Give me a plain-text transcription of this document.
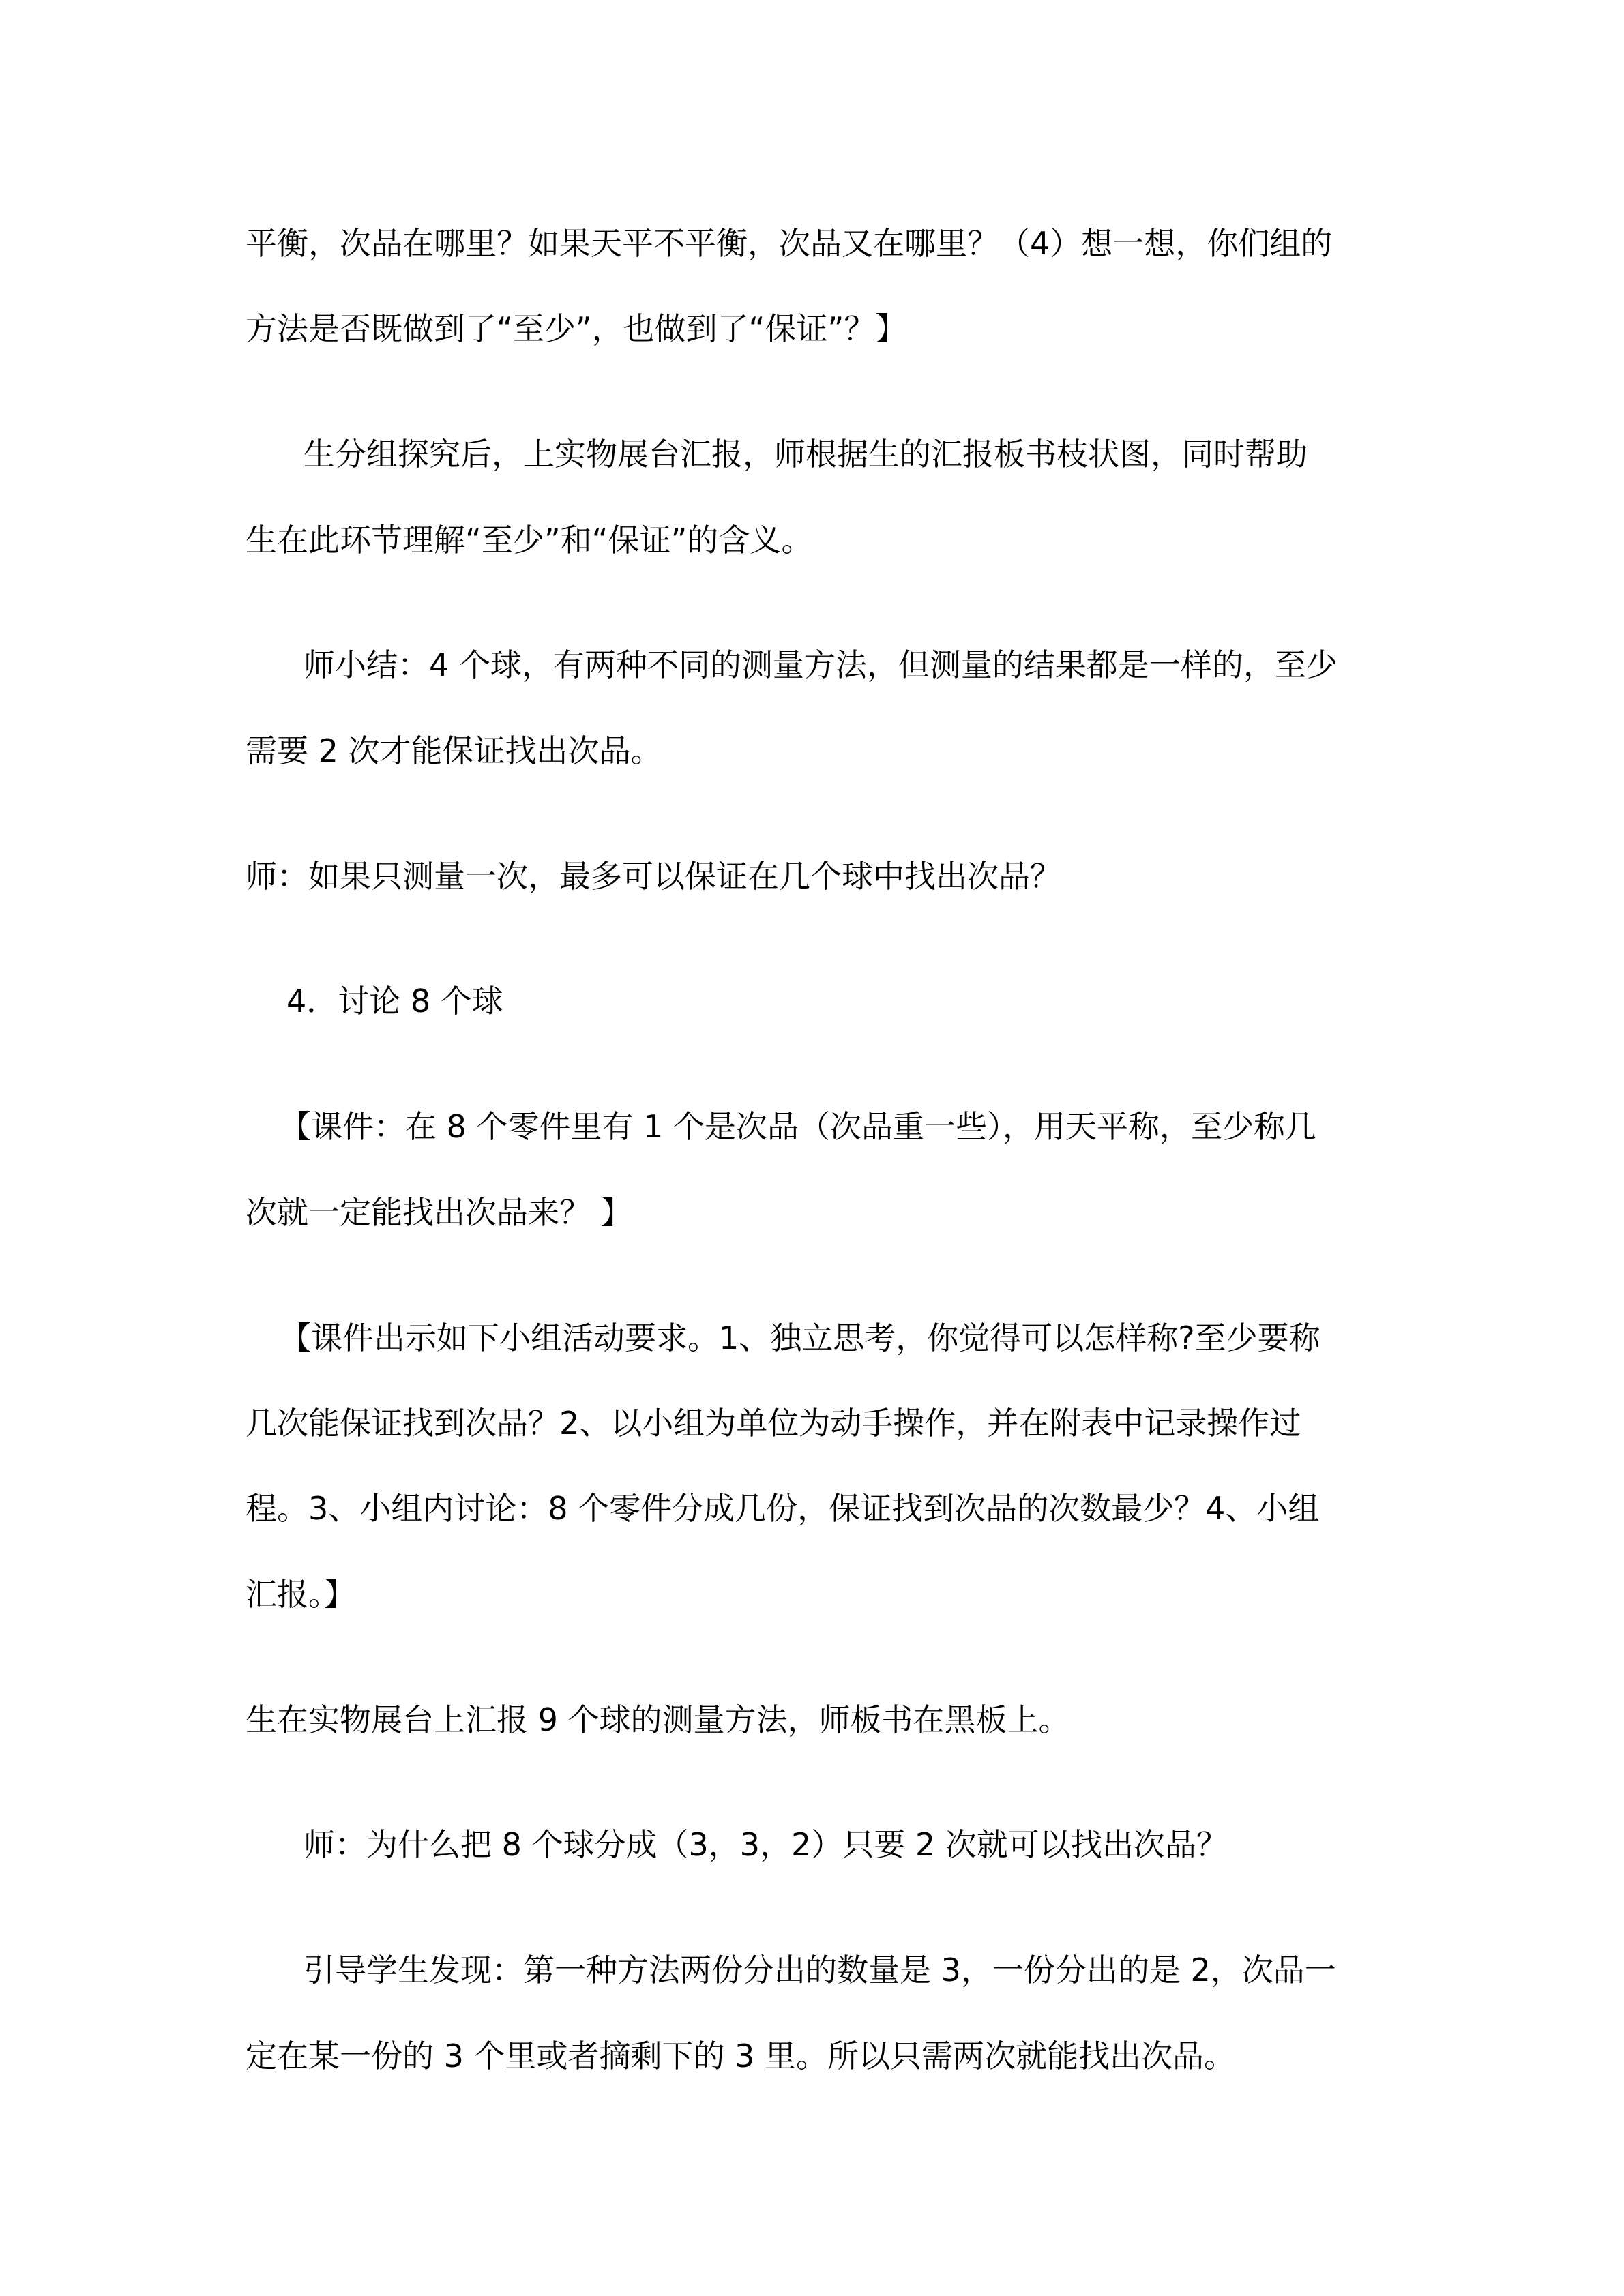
平衡，次品在哪里？如果天平不平衡，次品又在哪里？（4）想一想，你们组的
方法是否既做到了“至少”，也做到了“保证”？】
生分组探究后，上实物展台汇报，师根据生的汇报板书枝状图，同时帮助
生在此环节理解“至少”和“保证”的含义。
师小结：4 个球，有两种不同的测量方法，但测量的结果都是一样的，至少
需要 2 次才能保证找出次品。
师：如果只测量一次，最多可以保证在几个球中找出次品？
4．讨论 8 个球
【课件：在 8 个零件里有 1 个是次品（次品重一些），用天平称，至少称几
次就一定能找出次品来？ 】
【课件出示如下小组活动要求。1、独立思考，你觉得可以怎样称?至少要称
几次能保证找到次品？2、以小组为单位为动手操作，并在附表中记录操作过
程。3、小组内讨论：8 个零件分成几份，保证找到次品的次数最少？4、小组
汇报。】
生在实物展台上汇报 9 个球的测量方法，师板书在黑板上。
师：为什么把 8 个球分成（3，3，2）只要 2 次就可以找出次品？
引导学生发现：第一种方法两份分出的数量是 3，一份分出的是 2，次品一
定在某一份的 3 个里或者摘剩下的 3 里。所以只需两次就能找出次品。
